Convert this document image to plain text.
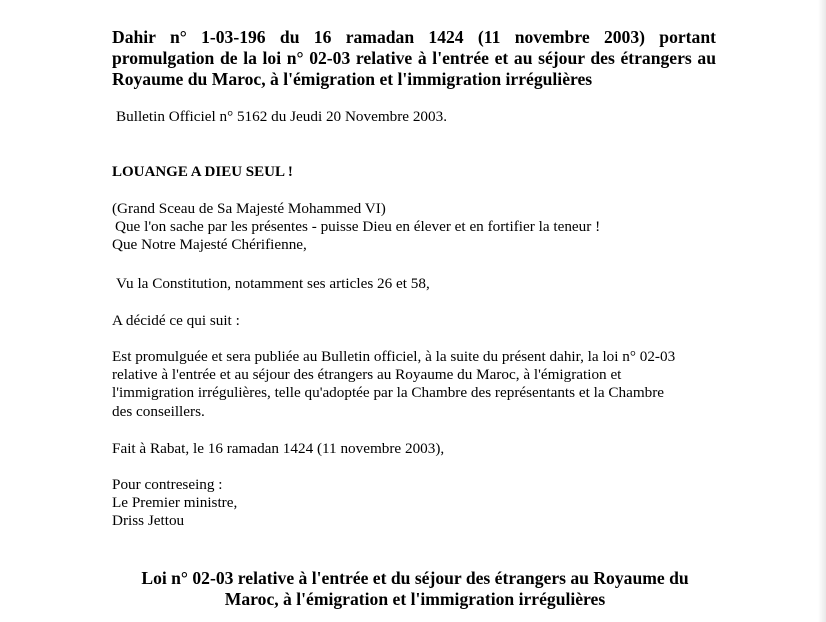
Dahir n° 1-03-196 du 16 ramadan 1424 (11 novembre 2003) portant promulgation de la loi n° 02-03 relative à l'entrée et au séjour des étrangers au Royaume du Maroc, à l'émigration et l'immigration irrégulières

Bulletin Officiel n° 5162 du Jeudi 20 Novembre 2003.

LOUANGE A DIEU SEUL !

(Grand Sceau de Sa Majesté Mohammed VI)
Que l'on sache par les présentes - puisse Dieu en élever et en fortifier la teneur !
Que Notre Majesté Chérifienne,

Vu la Constitution, notamment ses articles 26 et 58,

A décidé ce qui suit :

Est promulguée et sera publiée au Bulletin officiel, à la suite du présent dahir, la loi n° 02-03
relative à l'entrée et au séjour des étrangers au Royaume du Maroc, à l'émigration et
l'immigration irrégulières, telle qu'adoptée par la Chambre des représentants et la Chambre
des conseillers.

Fait à Rabat, le 16 ramadan 1424 (11 novembre 2003),

Pour contreseing :
Le Premier ministre,
Driss Jettou
Loi n° 02-03 relative à l'entrée et du séjour des étrangers au Royaume du
Maroc, à l'émigration et l'immigration irrégulières
